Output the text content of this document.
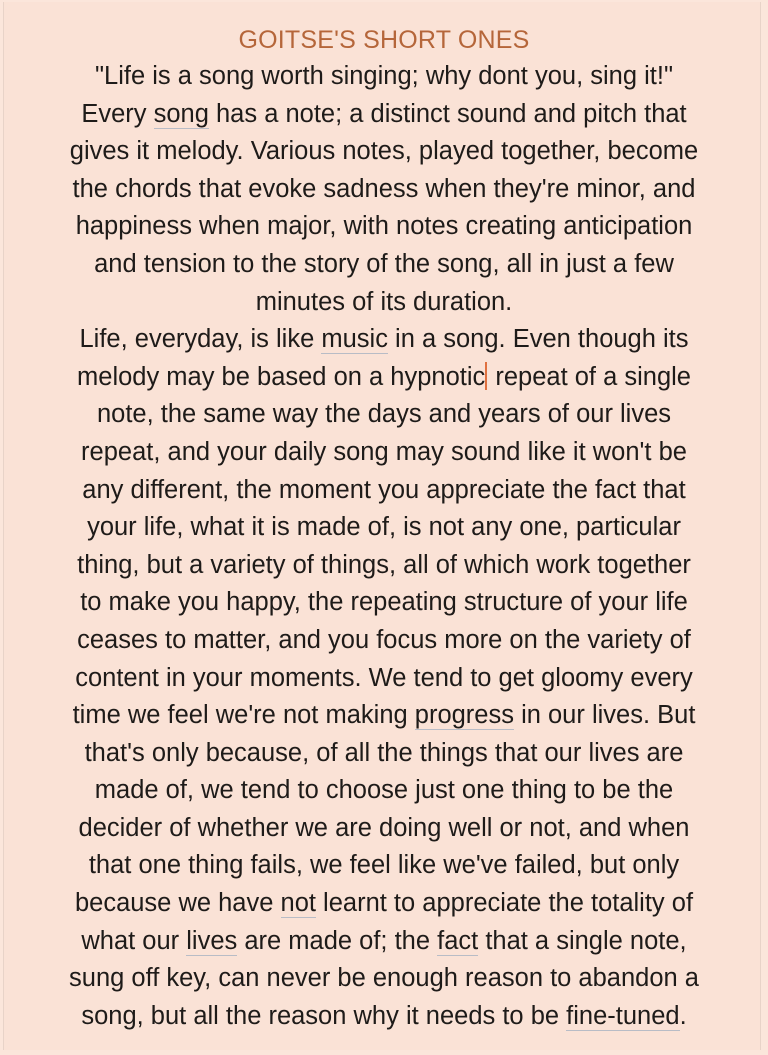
GOITSE'S SHORT ONES
"Life is a song worth singing; why dont you, sing it!"
Every song has a note; a distinct sound and pitch that
gives it melody. Various notes, played together, become
the chords that evoke sadness when they're minor, and
happiness when major, with notes creating anticipation
and tension to the story of the song, all in just a few
minutes of its duration.
Life, everyday, is like music in a song. Even though its
melody may be based on a hypnotic repeat of a single
note, the same way the days and years of our lives
repeat, and your daily song may sound like it won't be
any different, the moment you appreciate the fact that
your life, what it is made of, is not any one, particular
thing, but a variety of things, all of which work together
to make you happy, the repeating structure of your life
ceases to matter, and you focus more on the variety of
content in your moments. We tend to get gloomy every
time we feel we're not making progress in our lives. But
that's only because, of all the things that our lives are
made of, we tend to choose just one thing to be the
decider of whether we are doing well or not, and when
that one thing fails, we feel like we've failed, but only
because we have not learnt to appreciate the totality of
what our lives are made of; the fact that a single note,
sung off key, can never be enough reason to abandon a
song, but all the reason why it needs to be fine-tuned.
